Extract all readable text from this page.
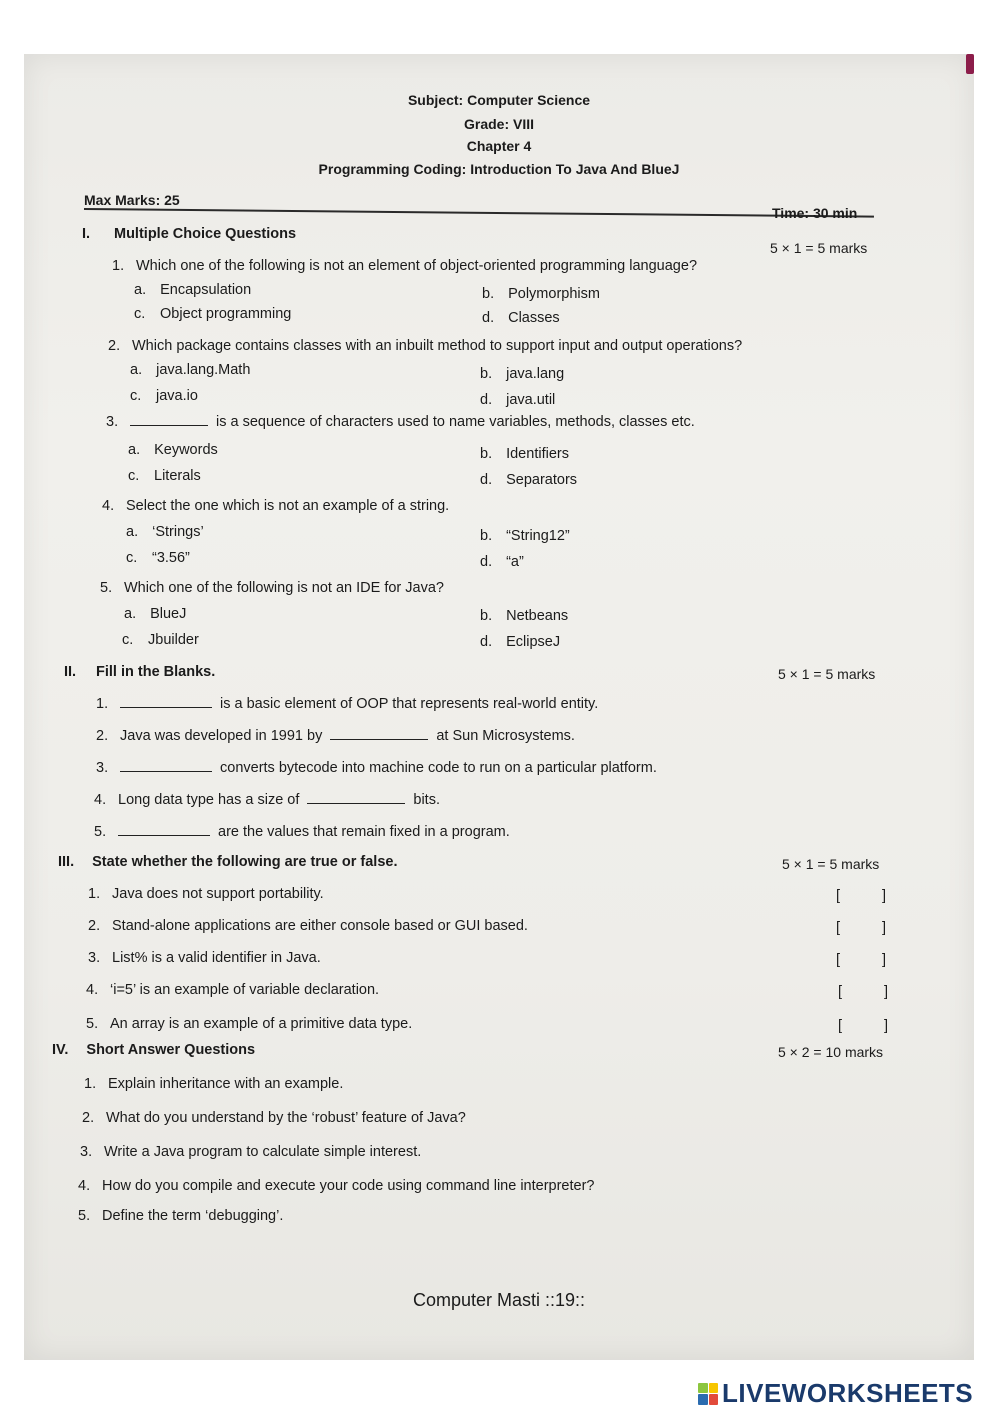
Subject: Computer Science
Grade: VIII
Chapter 4
Programming Coding: Introduction To Java And BlueJ
Max Marks: 25
Time: 30 min
I.	Multiple Choice Questions
5 × 1 = 5 marks
1. Which one of the following is not an element of object-oriented programming language?
a. Encapsulation	b. Polymorphism
c. Object programming	d. Classes
2. Which package contains classes with an inbuilt method to support input and output operations?
a. java.lang.Math	b. java.lang
c. java.io	d. java.util
3.	is a sequence of characters used to name variables, methods, classes etc.
a. Keywords	b. Identifiers
c. Literals	d. Separators
4. Select the one which is not an example of a string.
a. ‘Strings’	b. “String12”
c. “3.56”	d. “a”
5. Which one of the following is not an IDE for Java?
a. BlueJ	b. Netbeans
c. Jbuilder	d. EclipseJ
II. Fill in the Blanks.	5 × 1 = 5 marks
1.	is a basic element of OOP that represents real-world entity.
2. Java was developed in 1991 by	at Sun Microsystems.
3.	converts bytecode into machine code to run on a particular platform.
4. Long data type has a size of	bits.
5.	are the values that remain fixed in a program.
III. State whether the following are true or false.	5 × 1 = 5 marks
1. Java does not support portability.	[	]
2. Stand-alone applications are either console based or GUI based.	[	]
3. List% is a valid identifier in Java.	[	]
4. ‘i=5’ is an example of variable declaration.	[	]
5. An array is an example of a primitive data type.	[	]
IV. Short Answer Questions	5 × 2 = 10 marks
1. Explain inheritance with an example.
2. What do you understand by the ‘robust’ feature of Java?
3. Write a Java program to calculate simple interest.
4. How do you compile and execute your code using command line interpreter?
5. Define the term ‘debugging’.
Computer Masti ::19::
LIVEWORKSHEETS
